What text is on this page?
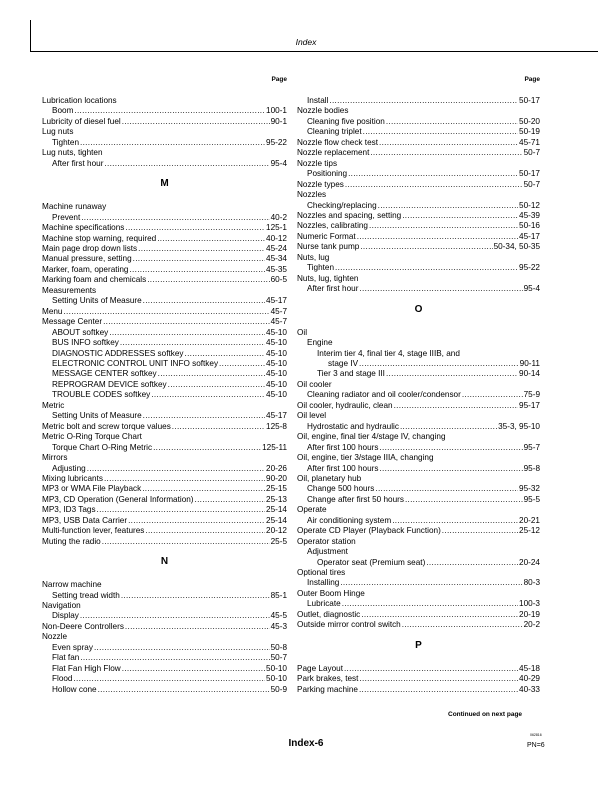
Index
Page
Lubrication locations
Boom .....	100-1
Lubricity of diesel fuel .....	90-1
Lug nuts
Tighten .....	95-22
Lug nuts, tighten
After first hour .....	95-4
M
Machine runaway
Prevent .....	40-2
Machine specifications .....	125-1
Machine stop warning, required .....	40-12
Main page drop down lists .....	45-24
Manual pressure, setting .....	45-34
Marker, foam, operating .....	45-35
Marking foam and chemicals .....	60-5
Measurements
Setting Units of Measure .....	45-17
Menu .....	45-7
Message Center .....	45-7
ABOUT softkey .....	45-10
BUS INFO softkey .....	45-10
DIAGNOSTIC ADDRESSES softkey .....	45-10
ELECTRONIC CONTROL UNIT INFO softkey .....	45-10
MESSAGE CENTER softkey .....	45-10
REPROGRAM DEVICE softkey .....	45-10
TROUBLE CODES softkey .....	45-10
Metric
Setting Units of Measure .....	45-17
Metric bolt and screw torque values .....	125-8
Metric O-Ring Torque Chart
Torque Chart O-Ring Metric .....	125-11
Mirrors
Adjusting .....	20-26
Mixing lubricants .....	90-20
MP3 or WMA File Playback .....	25-15
MP3, CD Operation (General Information) .....	25-13
MP3, ID3 Tags .....	25-14
MP3, USB Data Carrier .....	25-14
Multi-function lever, features .....	20-12
Muting the radio .....	25-5
N
Narrow machine
Setting tread width .....	85-1
Navigation
Display .....	45-5
Non-Deere Controllers .....	45-3
Nozzle
Even spray .....	50-8
Flat fan .....	50-7
Flat Fan High Flow .....	50-10
Flood .....	50-10
Hollow cone .....	50-9
Page
Install .....	50-17
Nozzle bodies
Cleaning five position .....	50-20
Cleaning triplet .....	50-19
Nozzle flow check test .....	45-71
Nozzle replacement .....	50-7
Nozzle tips
Positioning .....	50-17
Nozzle types .....	50-7
Nozzles
Checking/replacing .....	50-12
Nozzles and spacing, setting .....	45-39
Nozzles, calibrating .....	50-16
Numeric Format .....	45-17
Nurse tank pump .....	50-34, 50-35
Nuts, lug
Tighten .....	95-22
Nuts, lug, tighten
After first hour .....	95-4
O
Oil
Engine
Interim tier 4, final tier 4, stage IIIB, and
stage IV .....	90-11
Tier 3 and stage III .....	90-14
Oil cooler
Cleaning radiator and oil cooler/condensor .....	75-9
Oil cooler, hydraulic, clean .....	95-17
Oil level
Hydrostatic and hydraulic .....	35-3, 95-10
Oil, engine, final tier 4/stage IV, changing
After first 100 hours .....	95-7
Oil, engine, tier 3/stage IIIA, changing
After first 100 hours .....	95-8
Oil, planetary hub
Change 500 hours .....	95-32
Change after first 50 hours .....	95-5
Operate
Air conditioning system .....	20-21
Operate CD Player (Playback Function) .....	25-12
Operator station
Adjustment
Operator seat (Premium seat) .....	20-24
Optional tires
Installing .....	80-3
Outer Boom Hinge
Lubricate .....	100-3
Outlet, diagnostic .....	20-19
Outside mirror control switch .....	20-2
P
Page Layout .....	45-18
Park brakes, test .....	40-29
Parking machine .....	40-33
Continued on next page
Index-6
062816
PN=6
